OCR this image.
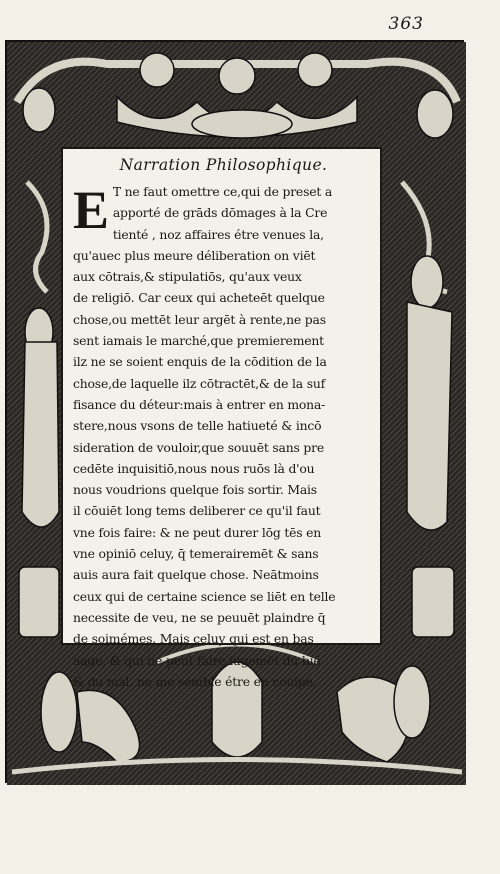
363
Narration Philosophique.
E T ne faut omettre ce,qui de preset a
apporté de grāds dōmages à la Cre
tienté , noz affaires étre venues la,
qu'auec plus meure déliberation on viēt
aux cōtrais,& stipulatiōs, qu'aux veux
de religiō. Car ceux qui acheteēt quelque
chose,ou mettēt leur argēt à rente,ne pas
sent iamais le marché,que premierement
ilz ne se soient enquis de la cōdition de la
chose,de laquelle ilz cōtractēt,& de la suf
fisance du déteur:mais à entrer en mona-
stere,nous vsons de telle hatiueté & incō
sideration de vouloir,que souuēt sans pre
cedēte inquisitiō,nous nous ruōs là d'ou
nous voudrions quelque fois sortir. Mais
il cōuiēt long tems deliberer ce qu'il faut
vne fois faire: & ne peut durer lōg tēs en
vne opiniō celuy, q̄ temerairemēt & sans
auis aura fait quelque chose. Neātmoins
ceux qui de certaine science se liēt en telle
necessite de veu, ne se peuuēt plaindre q̄
de soimémes. Mais celuy qui est en bas
aage, & qui ne peut faire iugemēt du biē
& du mal, ne me semble étre en coulpe,
